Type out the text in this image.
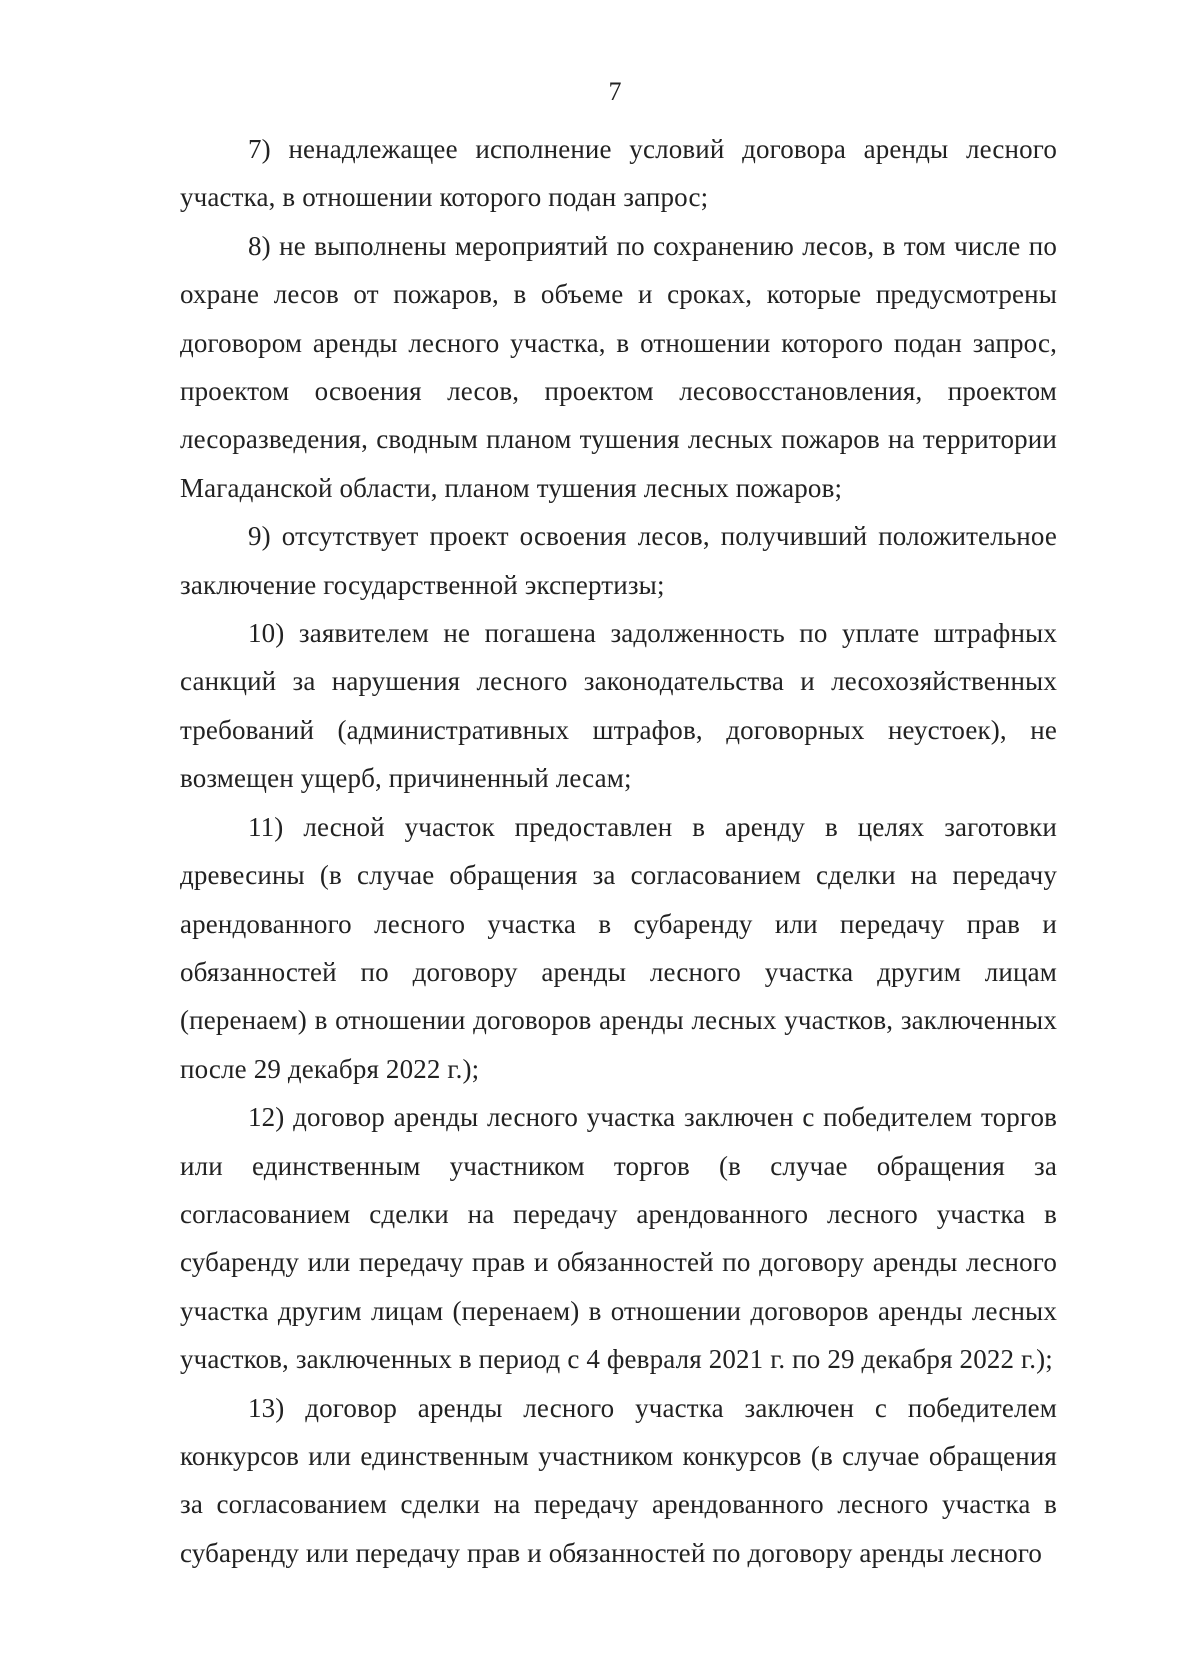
7

7) ненадлежащее исполнение условий договора аренды лесного участка, в отношении которого подан запрос;

8) не выполнены мероприятий по сохранению лесов, в том числе по охране лесов от пожаров, в объеме и сроках, которые предусмотрены договором аренды лесного участка, в отношении которого подан запрос, проектом освоения лесов, проектом лесовосстановления, проектом лесоразведения, сводным планом тушения лесных пожаров на территории Магаданской области, планом тушения лесных пожаров;

9) отсутствует проект освоения лесов, получивший положительное заключение государственной экспертизы;

10) заявителем не погашена задолженность по уплате штрафных санкций за нарушения лесного законодательства и лесохозяйственных требований (административных штрафов, договорных неустоек), не возмещен ущерб, причиненный лесам;

11) лесной участок предоставлен в аренду в целях заготовки древесины (в случае обращения за согласованием сделки на передачу арендованного лесного участка в субаренду или передачу прав и обязанностей по договору аренды лесного участка другим лицам (перенаем) в отношении договоров аренды лесных участков, заключенных после 29 декабря 2022 г.);

12) договор аренды лесного участка заключен с победителем торгов или единственным участником торгов (в случае обращения за согласованием сделки на передачу арендованного лесного участка в субаренду или передачу прав и обязанностей по договору аренды лесного участка другим лицам (перенаем) в отношении договоров аренды лесных участков, заключенных в период с 4 февраля 2021 г. по 29 декабря 2022 г.);

13) договор аренды лесного участка заключен с победителем конкурсов или единственным участником конкурсов (в случае обращения за согласованием сделки на передачу арендованного лесного участка в субаренду или передачу прав и обязанностей по договору аренды лесного
